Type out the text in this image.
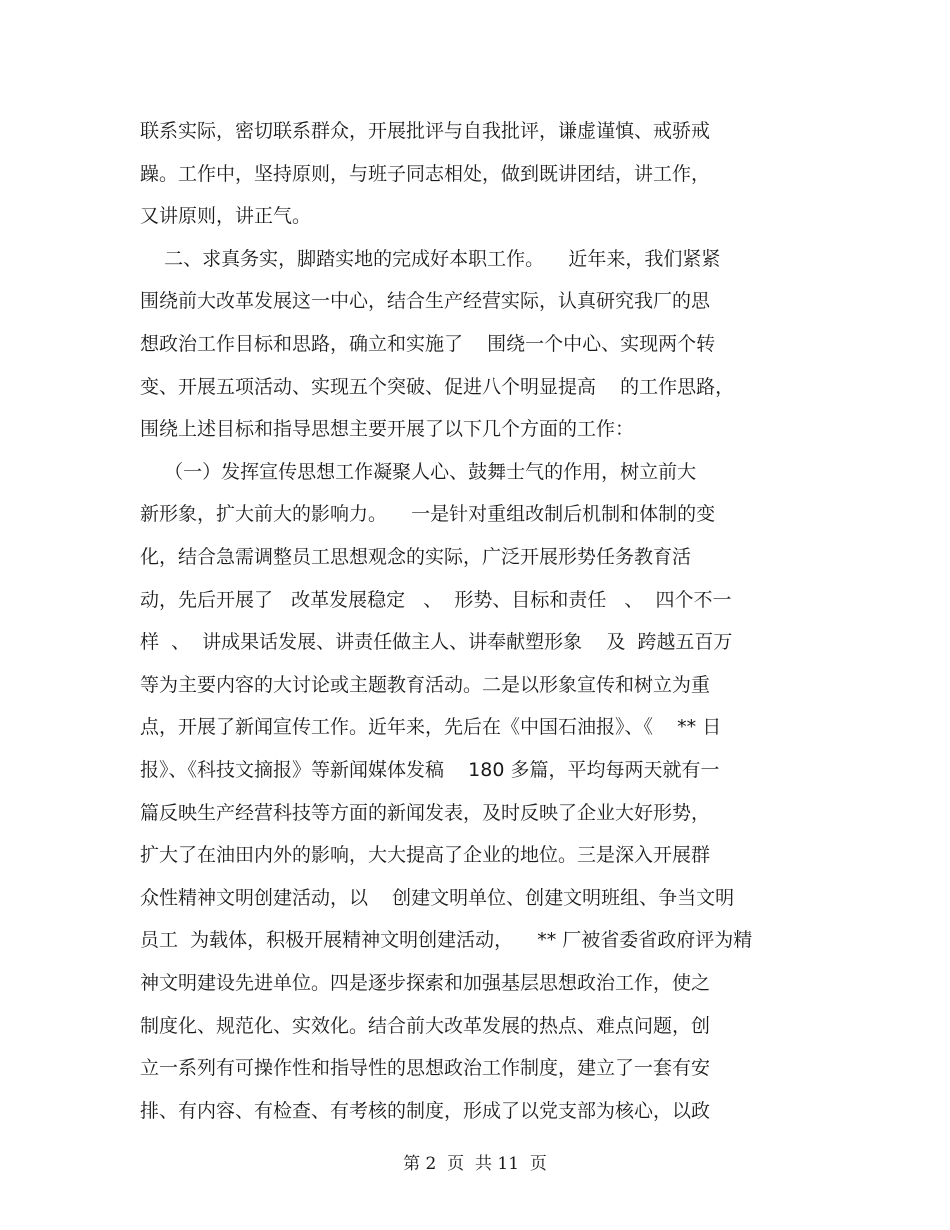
联系实际，密切联系群众，开展批评与自我批评，谦虚谨慎、戒骄戒
躁。工作中，坚持原则，与班子同志相处，做到既讲团结，讲工作，
又讲原则，讲正气。
二、求真务实，脚踏实地的完成好本职工作。    近年来，我们紧紧
围绕前大改革发展这一中心，结合生产经营实际，认真研究我厂的思
想政治工作目标和思路，确立和实施了    围绕一个中心、实现两个转
变、开展五项活动、实现五个突破、促进八个明显提高    的工作思路，
围绕上述目标和指导思想主要开展了以下几个方面的工作：
（一）发挥宣传思想工作凝聚人心、鼓舞士气的作用，树立前大
新形象，扩大前大的影响力。    一是针对重组改制后机制和体制的变
化，结合急需调整员工思想观念的实际，广泛开展形势任务教育活
动，先后开展了   改革发展稳定   、  形势、目标和责任   、  四个不一
样  、  讲成果话发展、讲责任做主人、讲奉献塑形象    及  跨越五百万
等为主要内容的大讨论或主题教育活动。二是以形象宣传和树立为重
点，开展了新闻宣传工作。近年来，先后在《中国石油报》、《    ** 日
报》、《科技文摘报》等新闻媒体发稿    180 多篇，平均每两天就有一
篇反映生产经营科技等方面的新闻发表，及时反映了企业大好形势，
扩大了在油田内外的影响，大大提高了企业的地位。三是深入开展群
众性精神文明创建活动，以    创建文明单位、创建文明班组、争当文明
员工  为载体，积极开展精神文明创建活动，    ** 厂被省委省政府评为精
神文明建设先进单位。四是逐步探索和加强基层思想政治工作，使之
制度化、规范化、实效化。结合前大改革发展的热点、难点问题，创
立一系列有可操作性和指导性的思想政治工作制度，建立了一套有安
排、有内容、有检查、有考核的制度，形成了以党支部为核心，以政
第 2  页  共 11  页
